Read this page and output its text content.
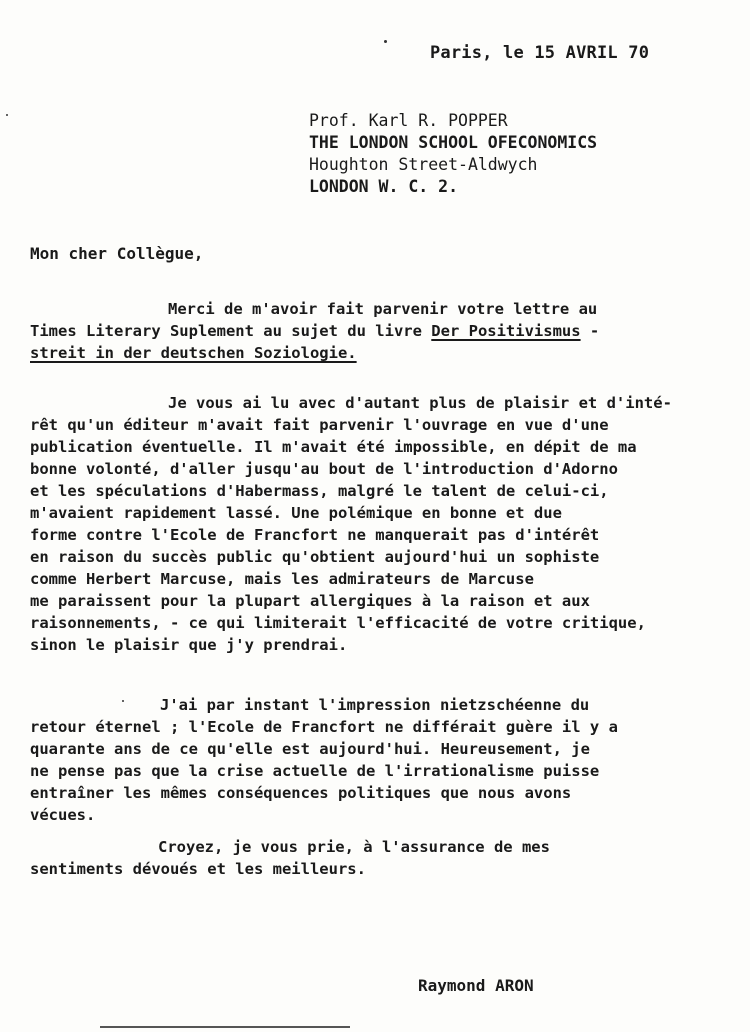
Paris, le 15 AVRIL 70
Prof. Karl R. POPPER
THE LONDON SCHOOL OFECONOMICS
Houghton Street-Aldwych
LONDON W. C. 2.
Mon cher Collègue,
Merci de m'avoir fait parvenir votre lettre au
Times Literary Suplement au sujet du livre Der Positivismus -
streit in der deutschen Soziologie.
Je vous ai lu avec d'autant plus de plaisir et d'inté-
rêt qu'un éditeur m'avait fait parvenir l'ouvrage en vue d'une
publication éventuelle. Il m'avait été impossible, en dépit de ma
bonne volonté, d'aller jusqu'au bout de l'introduction d'Adorno
et les spéculations d'Habermass, malgré le talent de celui-ci,
m'avaient rapidement lassé. Une polémique en bonne et due
forme contre l'Ecole de Francfort ne manquerait pas d'intérêt
en raison du succès public qu'obtient aujourd'hui un sophiste
comme Herbert Marcuse, mais les admirateurs de Marcuse
me paraissent pour la plupart allergiques à la raison et aux
raisonnements, - ce qui limiterait l'efficacité de votre critique,
sinon le plaisir que j'y prendrai.
J'ai par instant l'impression nietzschéenne du
retour éternel ; l'Ecole de Francfort ne différait guère il y a
quarante ans de ce qu'elle est aujourd'hui. Heureusement, je
ne pense pas que la crise actuelle de l'irrationalisme puisse
entraîner les mêmes conséquences politiques que nous avons
vécues.
Croyez, je vous prie, à l'assurance de mes
sentiments dévoués et les meilleurs.
Raymond ARON
